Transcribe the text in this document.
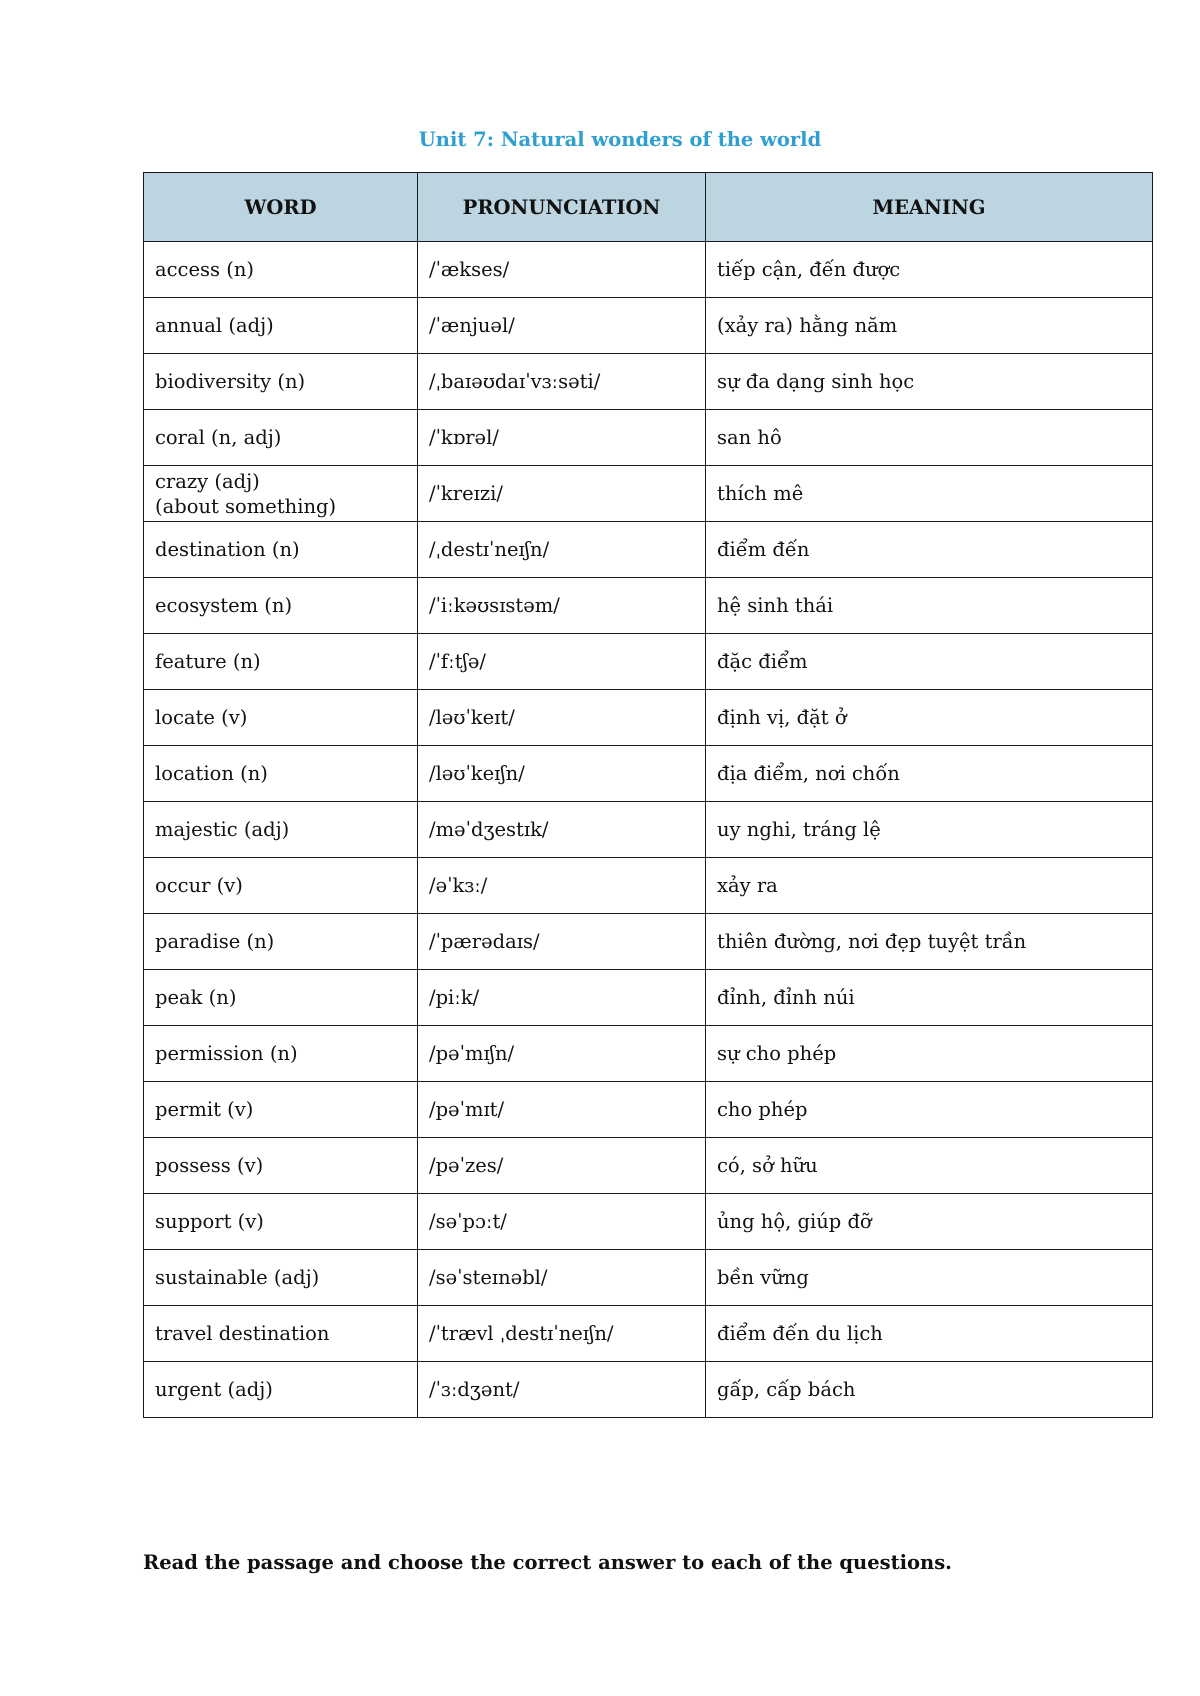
Unit 7: Natural wonders of the world
WORD	PRONUNCIATION	MEANING
access (n)	/ˈækses/	tiếp cận, đến được
annual (adj)	/ˈænjuəl/	(xảy ra) hằng năm
biodiversity (n)	/ˌbaɪəʊdaɪˈvɜːsəti/	sự đa dạng sinh học
coral (n, adj)	/ˈkɒrəl/	san hô
crazy (adj)
(about something)	/ˈkreɪzi/	thích mê
destination (n)	/ˌdestɪˈneɪʃn/	điểm đến
ecosystem (n)	/ˈiːkəʊsɪstəm/	hệ sinh thái
feature (n)	/ˈfːtʃə/	đặc điểm
locate (v)	/ləʊˈkeɪt/	định vị, đặt ở
location (n)	/ləʊˈkeɪʃn/	địa điểm, nơi chốn
majestic (adj)	/məˈdʒestɪk/	uy nghi, tráng lệ
occur (v)	/əˈkɜː/	xảy ra
paradise (n)	/ˈpærədaɪs/	thiên đường, nơi đẹp tuyệt trần
peak (n)	/piːk/	đỉnh, đỉnh núi
permission (n)	/pəˈmɪʃn/	sự cho phép
permit (v)	/pəˈmɪt/	cho phép
possess (v)	/pəˈzes/	có, sở hữu
support (v)	/səˈpɔːt/	ủng hộ, giúp đỡ
sustainable (adj)	/səˈsteɪnəbl/	bền vững
travel destination	/ˈtrævl ˌdestɪˈneɪʃn/	điểm đến du lịch
urgent (adj)	/ˈɜːdʒənt/	gấp, cấp bách
Read the passage and choose the correct answer to each of the questions.
